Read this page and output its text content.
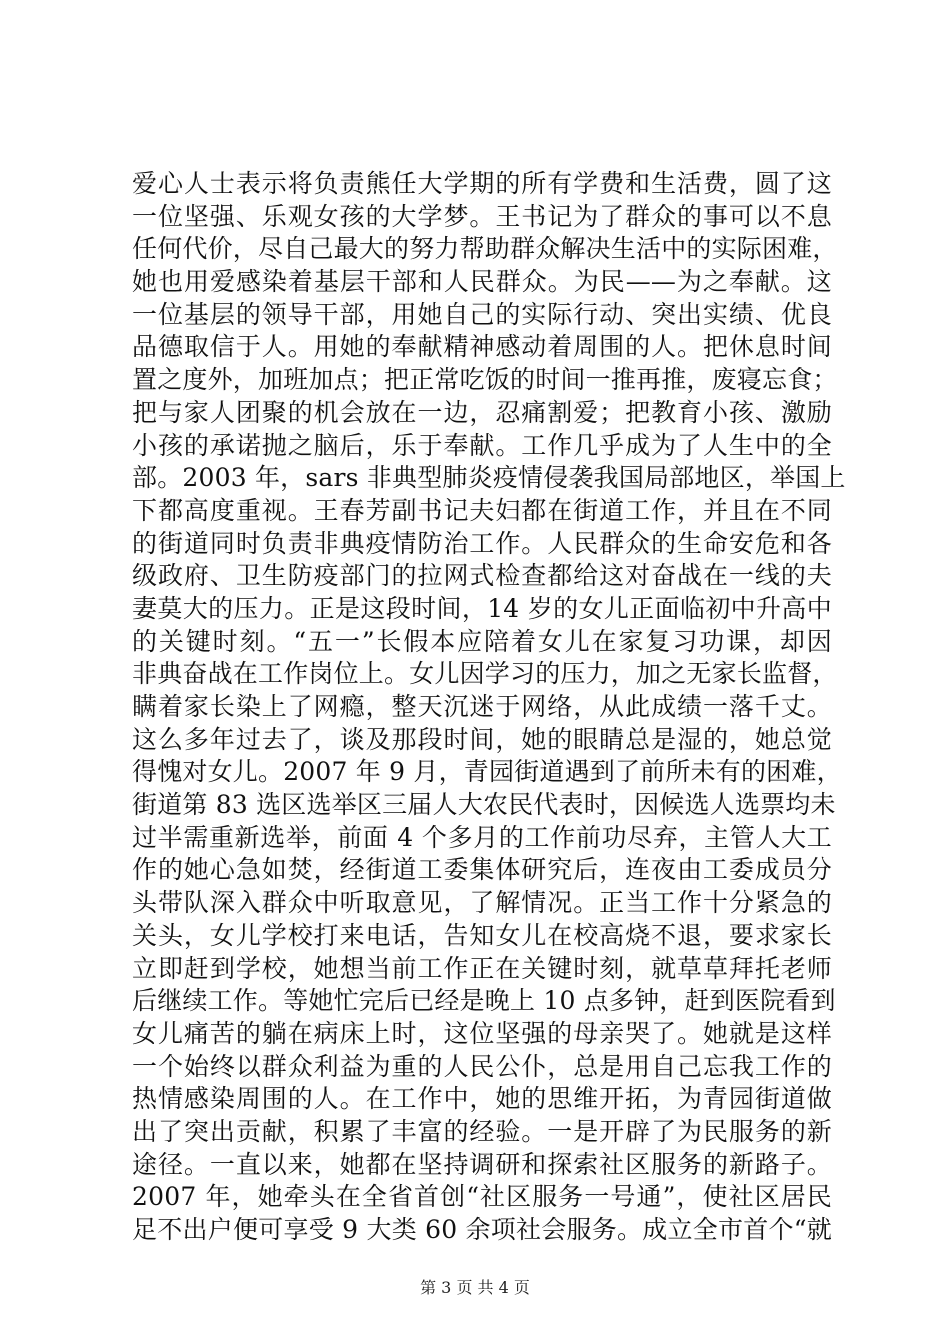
爱心人士表示将负责熊任大学期的所有学费和生活费，圆了这
一位坚强、乐观女孩的大学梦。王书记为了群众的事可以不息
任何代价，尽自己最大的努力帮助群众解决生活中的实际困难，
她也用爱感染着基层干部和人民群众。为民——为之奉献。这
一位基层的领导干部，用她自己的实际行动、突出实绩、优良
品德取信于人。用她的奉献精神感动着周围的人。把休息时间
置之度外，加班加点；把正常吃饭的时间一推再推，废寝忘食；
把与家人团聚的机会放在一边，忍痛割爱；把教育小孩、激励
小孩的承诺抛之脑后，乐于奉献。工作几乎成为了人生中的全
部。2003 年，sars 非典型肺炎疫情侵袭我国局部地区，举国上
下都高度重视。王春芳副书记夫妇都在街道工作，并且在不同
的街道同时负责非典疫情防治工作。人民群众的生命安危和各
级政府、卫生防疫部门的拉网式检查都给这对奋战在一线的夫
妻莫大的压力。正是这段时间，14 岁的女儿正面临初中升高中
的关键时刻。“五一”长假本应陪着女儿在家复习功课，却因
非典奋战在工作岗位上。女儿因学习的压力，加之无家长监督，
瞒着家长染上了网瘾，整天沉迷于网络，从此成绩一落千丈。
这么多年过去了，谈及那段时间，她的眼睛总是湿的，她总觉
得愧对女儿。2007 年 9 月，青园街道遇到了前所未有的困难，
街道第 83 选区选举区三届人大农民代表时，因候选人选票均未
过半需重新选举，前面 4 个多月的工作前功尽弃，主管人大工
作的她心急如焚，经街道工委集体研究后，连夜由工委成员分
头带队深入群众中听取意见，了解情况。正当工作十分紧急的
关头，女儿学校打来电话，告知女儿在校高烧不退，要求家长
立即赶到学校，她想当前工作正在关键时刻，就草草拜托老师
后继续工作。等她忙完后已经是晚上 10 点多钟，赶到医院看到
女儿痛苦的躺在病床上时，这位坚强的母亲哭了。她就是这样
一个始终以群众利益为重的人民公仆，总是用自己忘我工作的
热情感染周围的人。在工作中，她的思维开拓，为青园街道做
出了突出贡献，积累了丰富的经验。一是开辟了为民服务的新
途径。一直以来，她都在坚持调研和探索社区服务的新路子。
2007 年，她牵头在全省首创“社区服务一号通”，使社区居民
足不出户便可享受 9 大类 60 余项社会服务。成立全市首个“就
第 3 页 共 4 页
